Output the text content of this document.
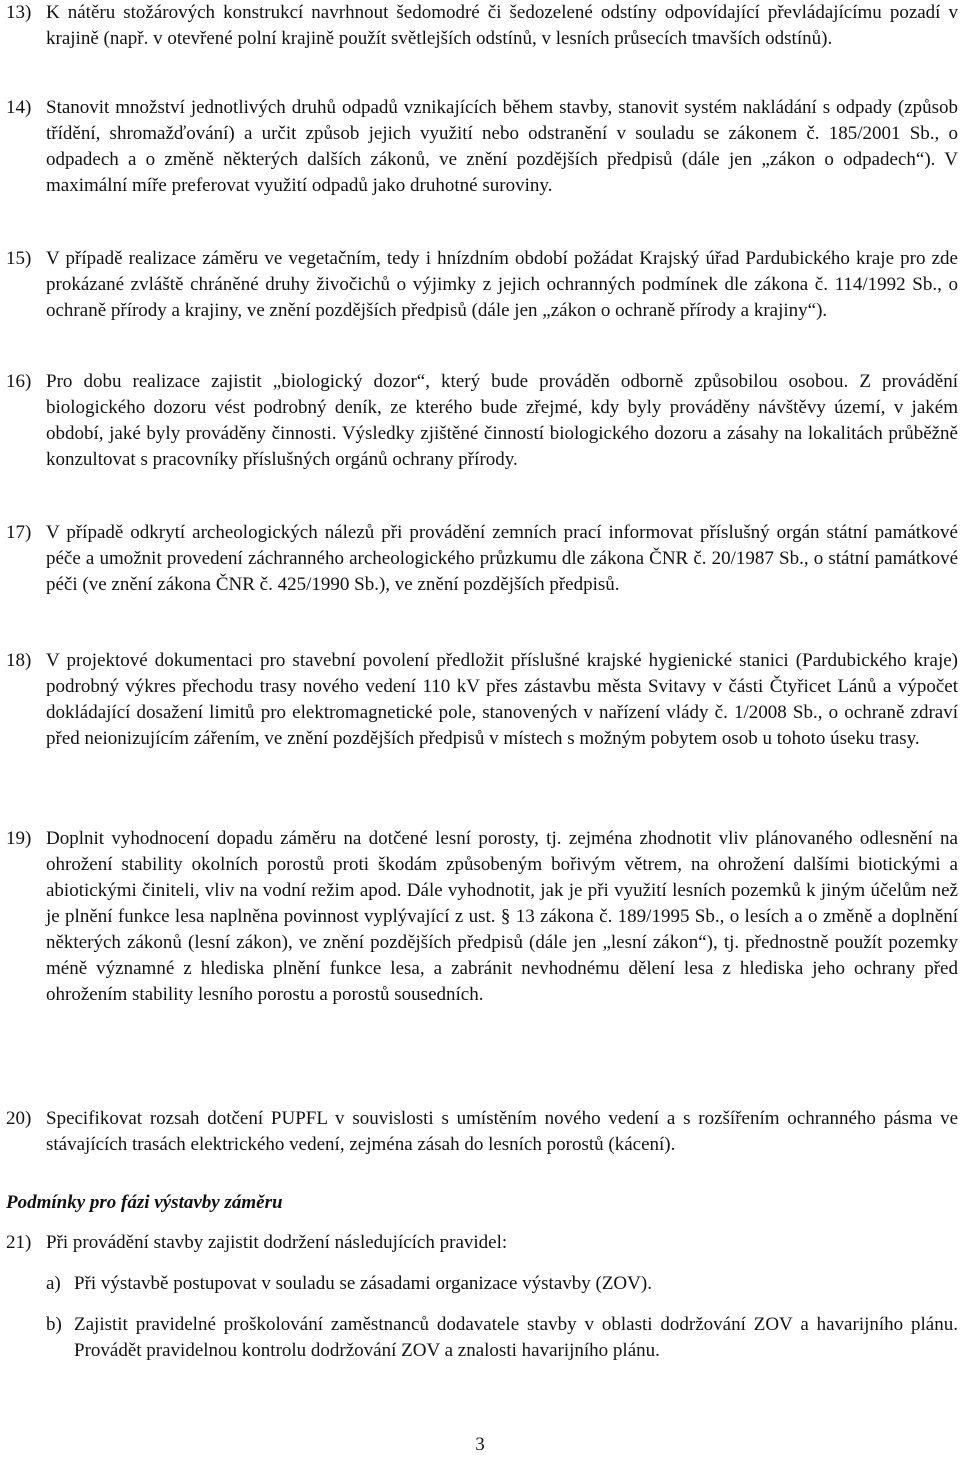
13) K nátěru stožárových konstrukcí navrhnout šedomodré či šedozelené odstíny odpovídající převládajícímu pozadí v krajině (např. v otevřené polní krajině použít světlejších odstínů, v lesních průsecích tmavších odstínů).
14) Stanovit množství jednotlivých druhů odpadů vznikajících během stavby, stanovit systém nakládání s odpady (způsob třídění, shromažďování) a určit způsob jejich využití nebo odstranění v souladu se zákonem č. 185/2001 Sb., o odpadech a o změně některých dalších zákonů, ve znění pozdějších předpisů (dále jen „zákon o odpadech“). V maximální míře preferovat využití odpadů jako druhotné suroviny.
15) V případě realizace záměru ve vegetačním, tedy i hnízdním období požádat Krajský úřad Pardubického kraje pro zde prokázané zvláště chráněné druhy živočichů o výjimky z jejich ochranných podmínek dle zákona č. 114/1992 Sb., o ochraně přírody a krajiny, ve znění pozdějších předpisů (dále jen „zákon o ochraně přírody a krajiny“).
16) Pro dobu realizace zajistit „biologický dozor“, který bude prováděn odborně způsobilou osobou. Z provádění biologického dozoru vést podrobný deník, ze kterého bude zřejmé, kdy byly prováděny návštěvy území, v jakém období, jaké byly prováděny činnosti. Výsledky zjištěné činností biologického dozoru a zásahy na lokalitách průběžně konzultovat s pracovníky příslušných orgánů ochrany přírody.
17) V případě odkrytí archeologických nálezů při provádění zemních prací informovat příslušný orgán státní památkové péče a umožnit provedení záchranného archeologického průzkumu dle zákona ČNR č. 20/1987 Sb., o státní památkové péči (ve znění zákona ČNR č. 425/1990 Sb.), ve znění pozdějších předpisů.
18) V projektové dokumentaci pro stavební povolení předložit příslušné krajské hygienické stanici (Pardubického kraje) podrobný výkres přechodu trasy nového vedení 110 kV přes zástavbu města Svitavy v části Čtyřicet Lánů a výpočet dokládající dosažení limitů pro elektromagnetické pole, stanovených v nařízení vlády č. 1/2008 Sb., o ochraně zdraví před neionizujícím zářením, ve znění pozdějších předpisů v místech s možným pobytem osob u tohoto úseku trasy.
19) Doplnit vyhodnocení dopadu záměru na dotčené lesní porosty, tj. zejména zhodnotit vliv plánovaného odlesnění na ohrožení stability okolních porostů proti škodám způsobeným bořivým větrem, na ohrožení dalšími biotickými a abiotickými činiteli, vliv na vodní režim apod. Dále vyhodnotit, jak je při využití lesních pozemků k jiným účelům než je plnění funkce lesa naplněna povinnost vyplývající z ust. § 13 zákona č. 189/1995 Sb., o lesích a o změně a doplnění některých zákonů (lesní zákon), ve znění pozdějších předpisů (dále jen „lesní zákon“), tj. přednostně použít pozemky méně významné z hlediska plnění funkce lesa, a zabránit nevhodnému dělení lesa z hlediska jeho ochrany před ohrožením stability lesního porostu a porostů sousedních.
20) Specifikovat rozsah dotčení PUPFL v souvislosti s umístěním nového vedení a s rozšířením ochranného pásma ve stávajících trasách elektrického vedení, zejména zásah do lesních porostů (kácení).
Podmínky pro fázi výstavby záměru
21) Při provádění stavby zajistit dodržení následujících pravidel:
a) Při výstavbě postupovat v souladu se zásadami organizace výstavby (ZOV).
b) Zajistit pravidelné proškolování zaměstnanců dodavatele stavby v oblasti dodržování ZOV a havarijního plánu. Provádět pravidelnou kontrolu dodržování ZOV a znalosti havarijního plánu.
3
